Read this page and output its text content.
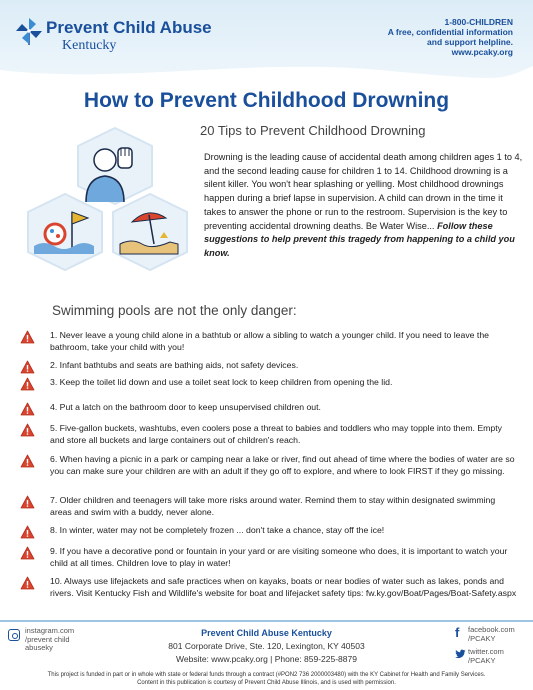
Prevent Child Abuse
Kentucky
1-800-CHILDREN
A free, confidential information
and support helpline.
www.pcaky.org
How to Prevent Childhood Drowning
20 Tips to Prevent Childhood Drowning
Drowning is the leading cause of accidental death among children ages 1 to 4, and the second leading cause for children 1 to 14. Childhood drowning is a silent killer. You won't hear splashing or yelling. Most childhood drownings happen during a brief lapse in supervision. A child can drown in the time it takes to answer the phone or run to the restroom. Supervision is the key to preventing accidental drowning deaths. Be Water Wise... Follow these suggestions to help prevent this tragedy from happening to a child you know.
Swimming pools are not the only danger:
1. Never leave a young child alone in a bathtub or allow a sibling to watch a younger child. If you need to leave the bathroom, take your child with you!
2. Infant bathtubs and seats are bathing aids, not safety devices.
3. Keep the toilet lid down and use a toilet seat lock to keep children from opening the lid.
4. Put a latch on the bathroom door to keep unsupervised children out.
5. Five-gallon buckets, washtubs, even coolers pose a threat to babies and toddlers who may topple into them. Empty and store all buckets and large containers out of children's reach.
6. When having a picnic in a park or camping near a lake or river, find out ahead of time where the bodies of water are so you can make sure your children are with an adult if they go off to explore, and where to look FIRST if they go missing.
7. Older children and teenagers will take more risks around water. Remind them to stay within designated swimming areas and swim with a buddy, never alone.
8. In winter, water may not be completely frozen ... don't take a chance, stay off the ice!
9. If you have a decorative pond or fountain in your yard or are visiting someone who does, it is important to watch your child at all times. Children love to play in water!
10. Always use lifejackets and safe practices when on kayaks, boats or near bodies of water such as lakes, ponds and rivers. Visit Kentucky Fish and Wildlife's website for boat and lifejacket safety tips: fw.ky.gov/Boat/Pages/Boat-Safety.aspx
instagram.com /prevent child abuseky
Prevent Child Abuse Kentucky
801 Corporate Drive, Ste. 120, Lexington, KY 40503
Website: www.pcaky.org | Phone: 859-225-8879
f facebook.com /PCAKY
twitter.com /PCAKY
This project is funded in part or in whole with state or federal funds through a contract (#PON2 736 2000003480) with the KY Cabinet for Health and Family Services.
Content in this publication is courtesy of Prevent Child Abuse Illinois, and is used with permission.
